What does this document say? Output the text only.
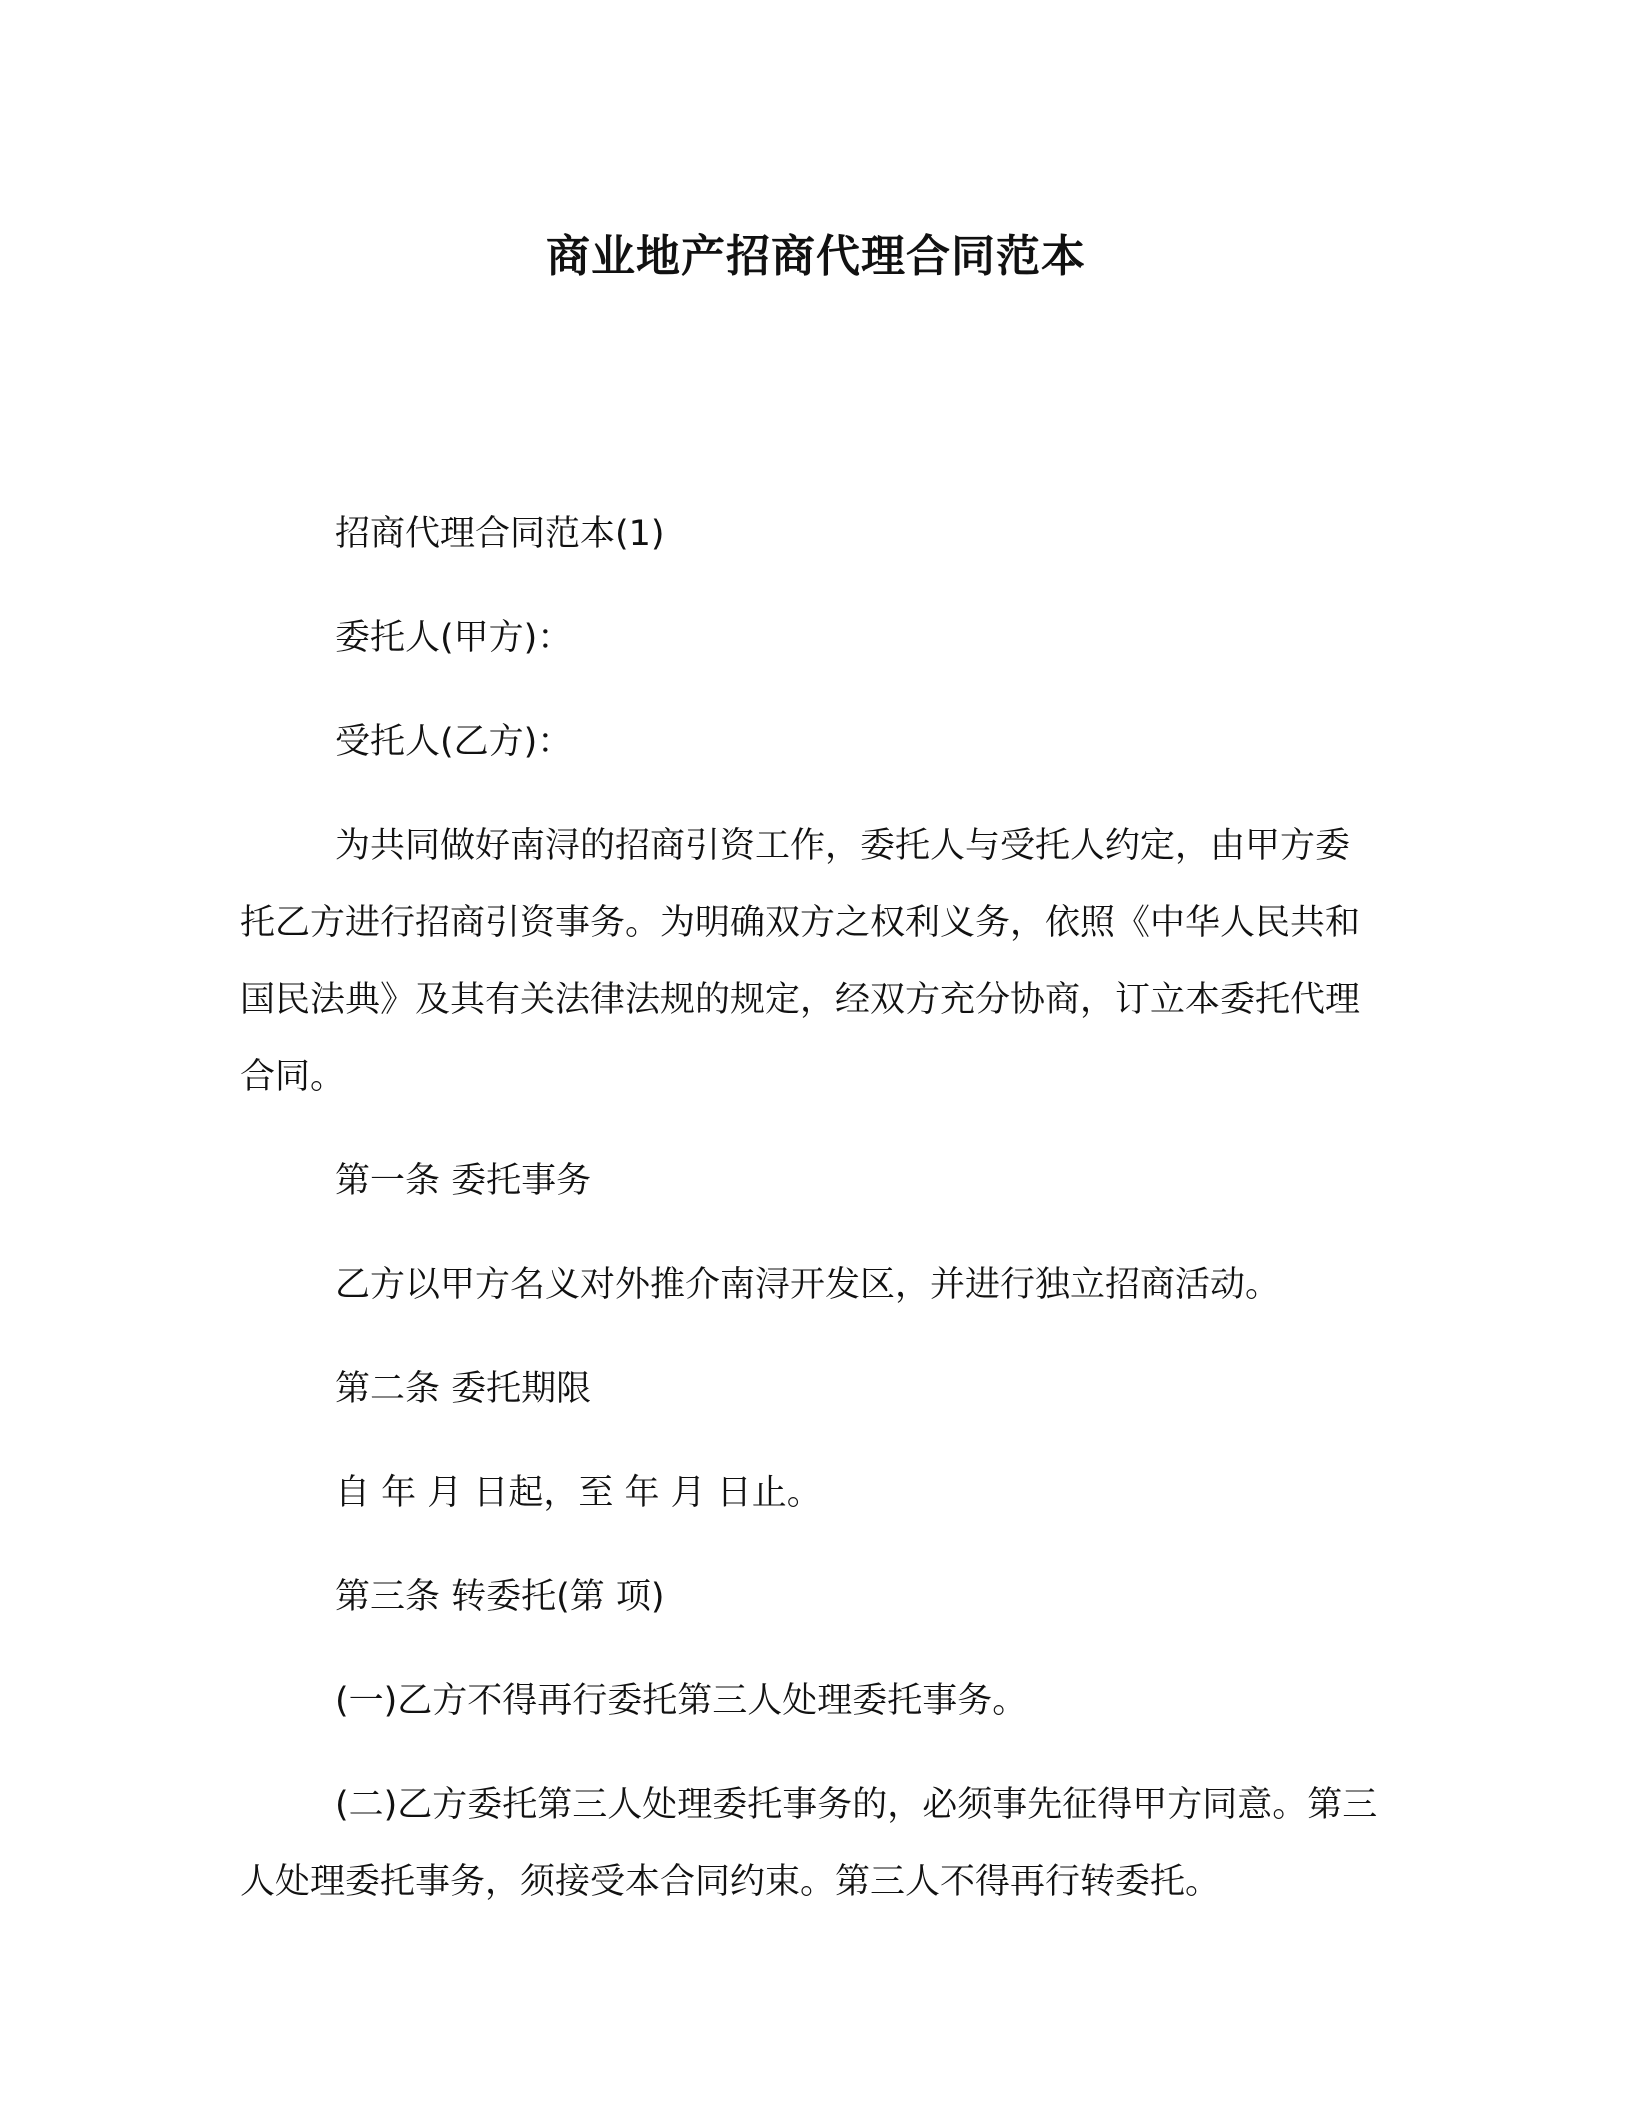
商业地产招商代理合同范本

招商代理合同范本(1)

委托人(甲方)：

受托人(乙方)：

为共同做好南浔的招商引资工作，委托人与受托人约定，由甲方委托乙方进行招商引资事务。为明确双方之权利义务，依照《中华人民共和国民法典》及其有关法律法规的规定，经双方充分协商，订立本委托代理合同。

第一条 委托事务

乙方以甲方名义对外推介南浔开发区，并进行独立招商活动。

第二条 委托期限

自 年 月 日起，至 年 月 日止。

第三条 转委托(第 项)

(一)乙方不得再行委托第三人处理委托事务。

(二)乙方委托第三人处理委托事务的，必须事先征得甲方同意。第三人处理委托事务，须接受本合同约束。第三人不得再行转委托。
